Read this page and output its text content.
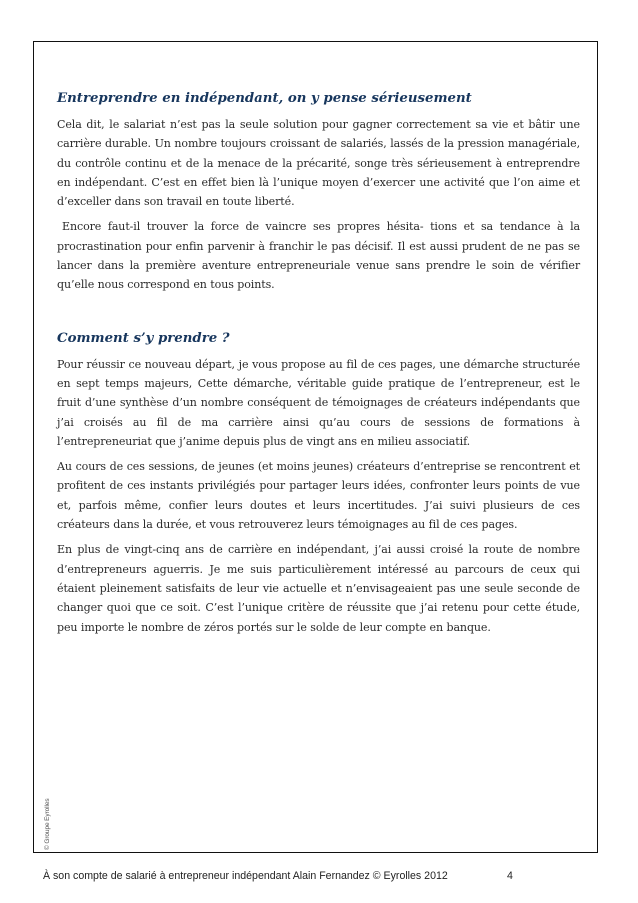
Entreprendre en indépendant, on y pense sérieusement

Cela dit, le salariat n’est pas la seule solution pour gagner correctement sa vie et bâtir une carrière durable. Un nombre toujours croissant de salariés, lassés de la pression managériale, du contrôle continu et de la menace de la précarité, songe très sérieusement à entreprendre en indépendant. C’est en effet bien là l’unique moyen d’exercer une activité que l’on aime et d’exceller dans son travail en toute liberté.

Encore faut-il trouver la force de vaincre ses propres hésita- tions et sa tendance à la procrastination pour enfin parvenir à franchir le pas décisif. Il est aussi prudent de ne pas se lancer dans la première aventure entrepreneuriale venue sans prendre le soin de vérifier qu’elle nous correspond en tous points.

Comment s’y prendre ?

Pour réussir ce nouveau départ, je vous propose au fil de ces pages, une démarche structurée en sept temps majeurs, Cette démarche, véritable guide pratique de l’entrepreneur, est le fruit d’une synthèse d’un nombre conséquent de témoignages de créateurs indépendants que j’ai croisés au fil de ma carrière ainsi qu’au cours de sessions de formations à l’entrepreneuriat que j’anime depuis plus de vingt ans en milieu associatif.

Au cours de ces sessions, de jeunes (et moins jeunes) créateurs d’entreprise se rencontrent et profitent de ces instants privilégiés pour partager leurs idées, confronter leurs points de vue et, parfois même, confier leurs doutes et leurs incertitudes. J’ai suivi plusieurs de ces créateurs dans la durée, et vous retrouverez leurs témoignages au fil de ces pages.

En plus de vingt-cinq ans de carrière en indépendant, j’ai aussi croisé la route de nombre d’entrepreneurs aguerris. Je me suis particulièrement intéressé au parcours de ceux qui étaient pleinement satisfaits de leur vie actuelle et n’envisageaient pas une seule seconde de changer quoi que ce soit. C’est l’unique critère de réussite que j’ai retenu pour cette étude, peu importe le nombre de zéros portés sur le solde de leur compte en banque.

© Groupe Eyrolles
À son compte de salarié à entrepreneur indépendant Alain Fernandez © Eyrolles 2012	4
